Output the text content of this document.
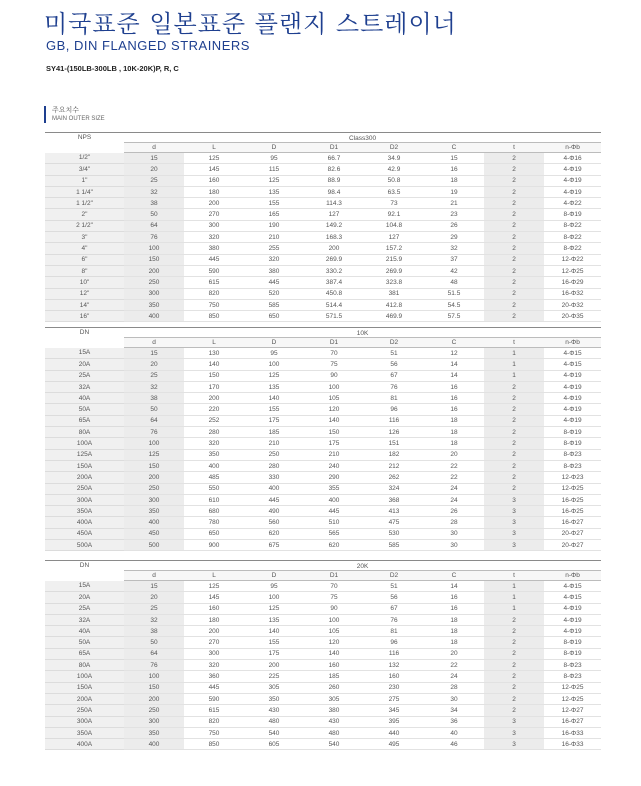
미국표준 일본표준 플랜지 스트레이너
GB, DIN FLANGED STRAINERS
SY41-(150LB-300LB , 10K-20K)P, R, C
주요치수
MAIN OUTER SIZE
NPS	Class300							
	d	L	D	D1	D2	C	t	n-Φb
1/2"	15	125	95	66.7	34.9	15	2	4-Φ16
3/4"	20	145	115	82.6	42.9	16	2	4-Φ19
1"	25	160	125	88.9	50.8	18	2	4-Φ19
1 1/4"	32	180	135	98.4	63.5	19	2	4-Φ19
1 1/2"	38	200	155	114.3	73	21	2	4-Φ22
2"	50	270	165	127	92.1	23	2	8-Φ19
2 1/2"	64	300	190	149.2	104.8	26	2	8-Φ22
3"	76	320	210	168.3	127	29	2	8-Φ22
4"	100	380	255	200	157.2	32	2	8-Φ22
6"	150	445	320	269.9	215.9	37	2	12-Φ22
8"	200	590	380	330.2	269.9	42	2	12-Φ25
10"	250	615	445	387.4	323.8	48	2	16-Φ29
12"	300	820	520	450.8	381	51.5	2	16-Φ32
14"	350	750	585	514.4	412.8	54.5	2	20-Φ32
16"	400	850	650	571.5	469.9	57.5	2	20-Φ35
DN	10K							
	d	L	D	D1	D2	C	t	n-Φb
15A	15	130	95	70	51	12	1	4-Φ15
20A	20	140	100	75	56	14	1	4-Φ15
25A	25	150	125	90	67	14	1	4-Φ19
32A	32	170	135	100	76	16	2	4-Φ19
40A	38	200	140	105	81	16	2	4-Φ19
50A	50	220	155	120	96	16	2	4-Φ19
65A	64	252	175	140	116	18	2	4-Φ19
80A	76	280	185	150	126	18	2	8-Φ19
100A	100	320	210	175	151	18	2	8-Φ19
125A	125	350	250	210	182	20	2	8-Φ23
150A	150	400	280	240	212	22	2	8-Φ23
200A	200	485	330	290	262	22	2	12-Φ23
250A	250	550	400	355	324	24	2	12-Φ25
300A	300	610	445	400	368	24	3	16-Φ25
350A	350	680	490	445	413	26	3	16-Φ25
400A	400	780	560	510	475	28	3	16-Φ27
450A	450	650	620	565	530	30	3	20-Φ27
500A	500	900	675	620	585	30	3	20-Φ27
DN	20K							
	d	L	D	D1	D2	C	t	n-Φb
15A	15	125	95	70	51	14	1	4-Φ15
20A	20	145	100	75	56	16	1	4-Φ15
25A	25	160	125	90	67	16	1	4-Φ19
32A	32	180	135	100	76	18	2	4-Φ19
40A	38	200	140	105	81	18	2	4-Φ19
50A	50	270	155	120	96	18	2	8-Φ19
65A	64	300	175	140	116	20	2	8-Φ19
80A	76	320	200	160	132	22	2	8-Φ23
100A	100	360	225	185	160	24	2	8-Φ23
150A	150	445	305	260	230	28	2	12-Φ25
200A	200	590	350	305	275	30	2	12-Φ25
250A	250	615	430	380	345	34	2	12-Φ27
300A	300	820	480	430	395	36	3	16-Φ27
350A	350	750	540	480	440	40	3	16-Φ33
400A	400	850	605	540	495	46	3	16-Φ33
